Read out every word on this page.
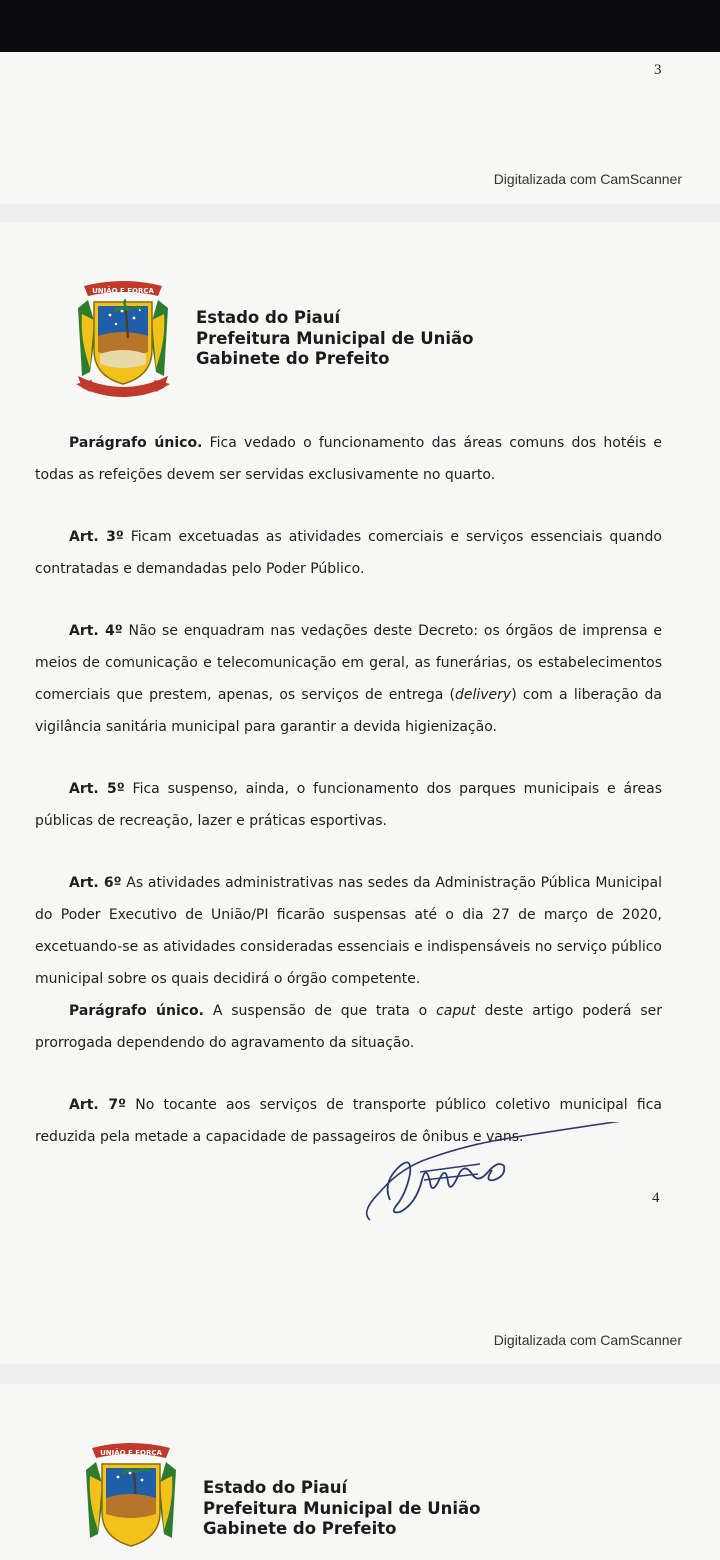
3
Digitalizada com CamScanner
UNIÃO E FORÇA
Estado do Piauí
Prefeitura Municipal de União
Gabinete do Prefeito

Parágrafo único. Fica vedado o funcionamento das áreas comuns dos hotéis e todas as refeições devem ser servidas exclusivamente no quarto.

Art. 3º Ficam excetuadas as atividades comerciais e serviços essenciais quando contratadas e demandadas pelo Poder Público.

Art. 4º Não se enquadram nas vedações deste Decreto: os órgãos de imprensa e meios de comunicação e telecomunicação em geral, as funerárias, os estabelecimentos comerciais que prestem, apenas, os serviços de entrega (delivery) com a liberação da vigilância sanitária municipal para garantir a devida higienização.

Art. 5º Fica suspenso, ainda, o funcionamento dos parques municipais e áreas públicas de recreação, lazer e práticas esportivas.

Art. 6º As atividades administrativas nas sedes da Administração Pública Municipal do Poder Executivo de União/PI ficarão suspensas até o dia 27 de março de 2020, excetuando-se as atividades consideradas essenciais e indispensáveis no serviço público municipal sobre os quais decidirá o órgão competente.

Parágrafo único. A suspensão de que trata o caput deste artigo poderá ser prorrogada dependendo do agravamento da situação.

Art. 7º No tocante aos serviços de transporte público coletivo municipal fica reduzida pela metade a capacidade de passageiros de ônibus e vans.

4
Digitalizada com CamScanner
UNIÃO E FORÇA
Estado do Piauí
Prefeitura Municipal de União
Gabinete do Prefeito
